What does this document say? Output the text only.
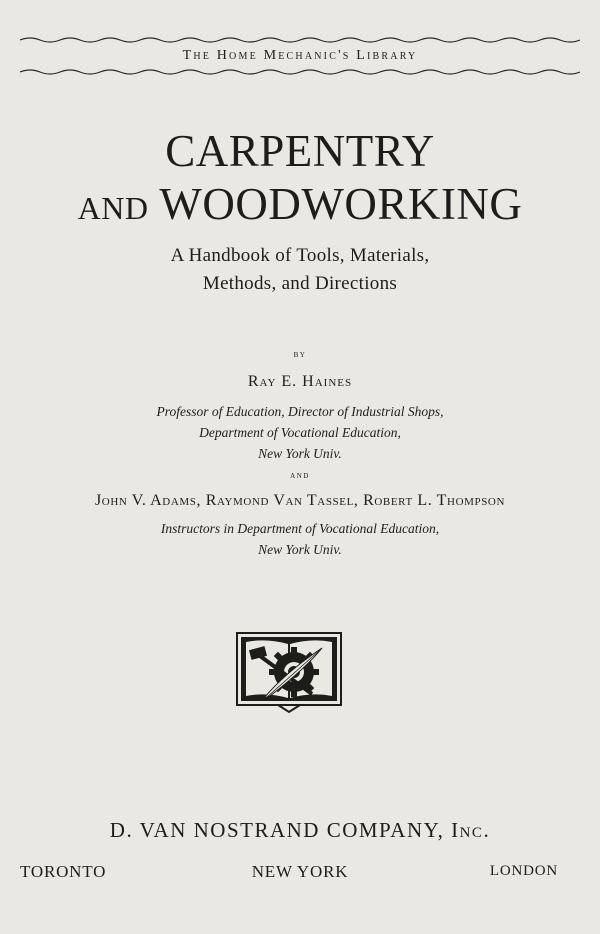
The Home Mechanic's Library
CARPENTRY
AND WOODWORKING
A Handbook of Tools, Materials,
Methods, and Directions
by
Ray E. Haines
Professor of Education, Director of Industrial Shops,
Department of Vocational Education,
New York Univ.
and
John V. Adams, Raymond Van Tassel, Robert L. Thompson
Instructors in Department of Vocational Education,
New York Univ.
D. VAN NOSTRAND COMPANY, Inc.
TORONTO	NEW YORK	LONDON
